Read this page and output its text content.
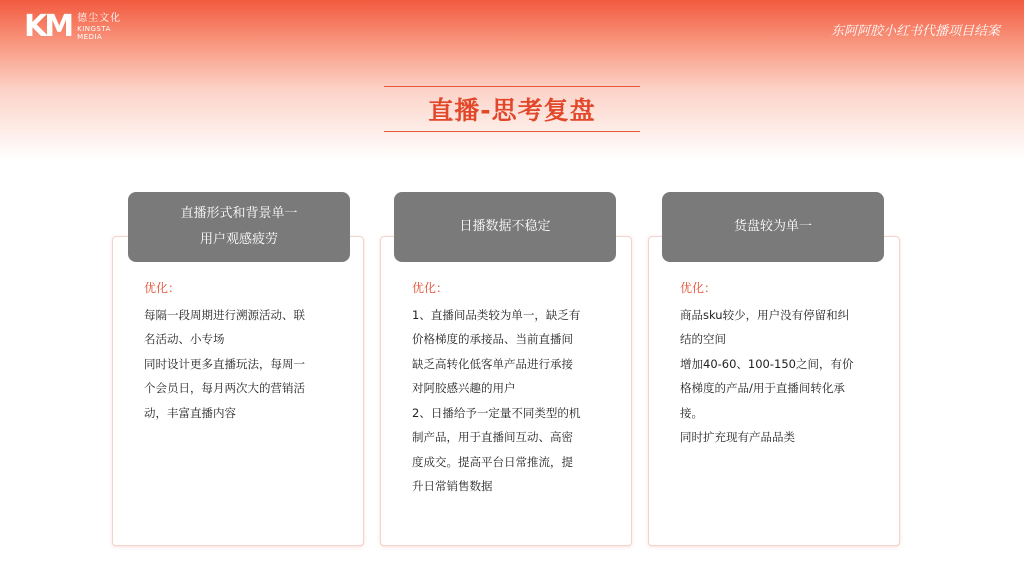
KM 德尘文化
KINGSTA
MEDIA	东阿阿胶小红书代播项目结案
直播-思考复盘
直播形式和背景单一
用户观感疲劳
优化：
每隔一段周期进行溯源活动、联
名活动、小专场
同时设计更多直播玩法，每周一
个会员日，每月两次大的营销活
动，丰富直播内容
日播数据不稳定
优化：
1、直播间品类较为单一，缺乏有
价格梯度的承接品、当前直播间
缺乏高转化低客单产品进行承接
对阿胶感兴趣的用户
2、日播给予一定量不同类型的机
制产品，用于直播间互动、高密
度成交。提高平台日常推流，提
升日常销售数据
货盘较为单一
优化：
商品sku较少，用户没有停留和纠
结的空间
增加40-60、100-150之间，有价
格梯度的产品/用于直播间转化承
接。
同时扩充现有产品品类
